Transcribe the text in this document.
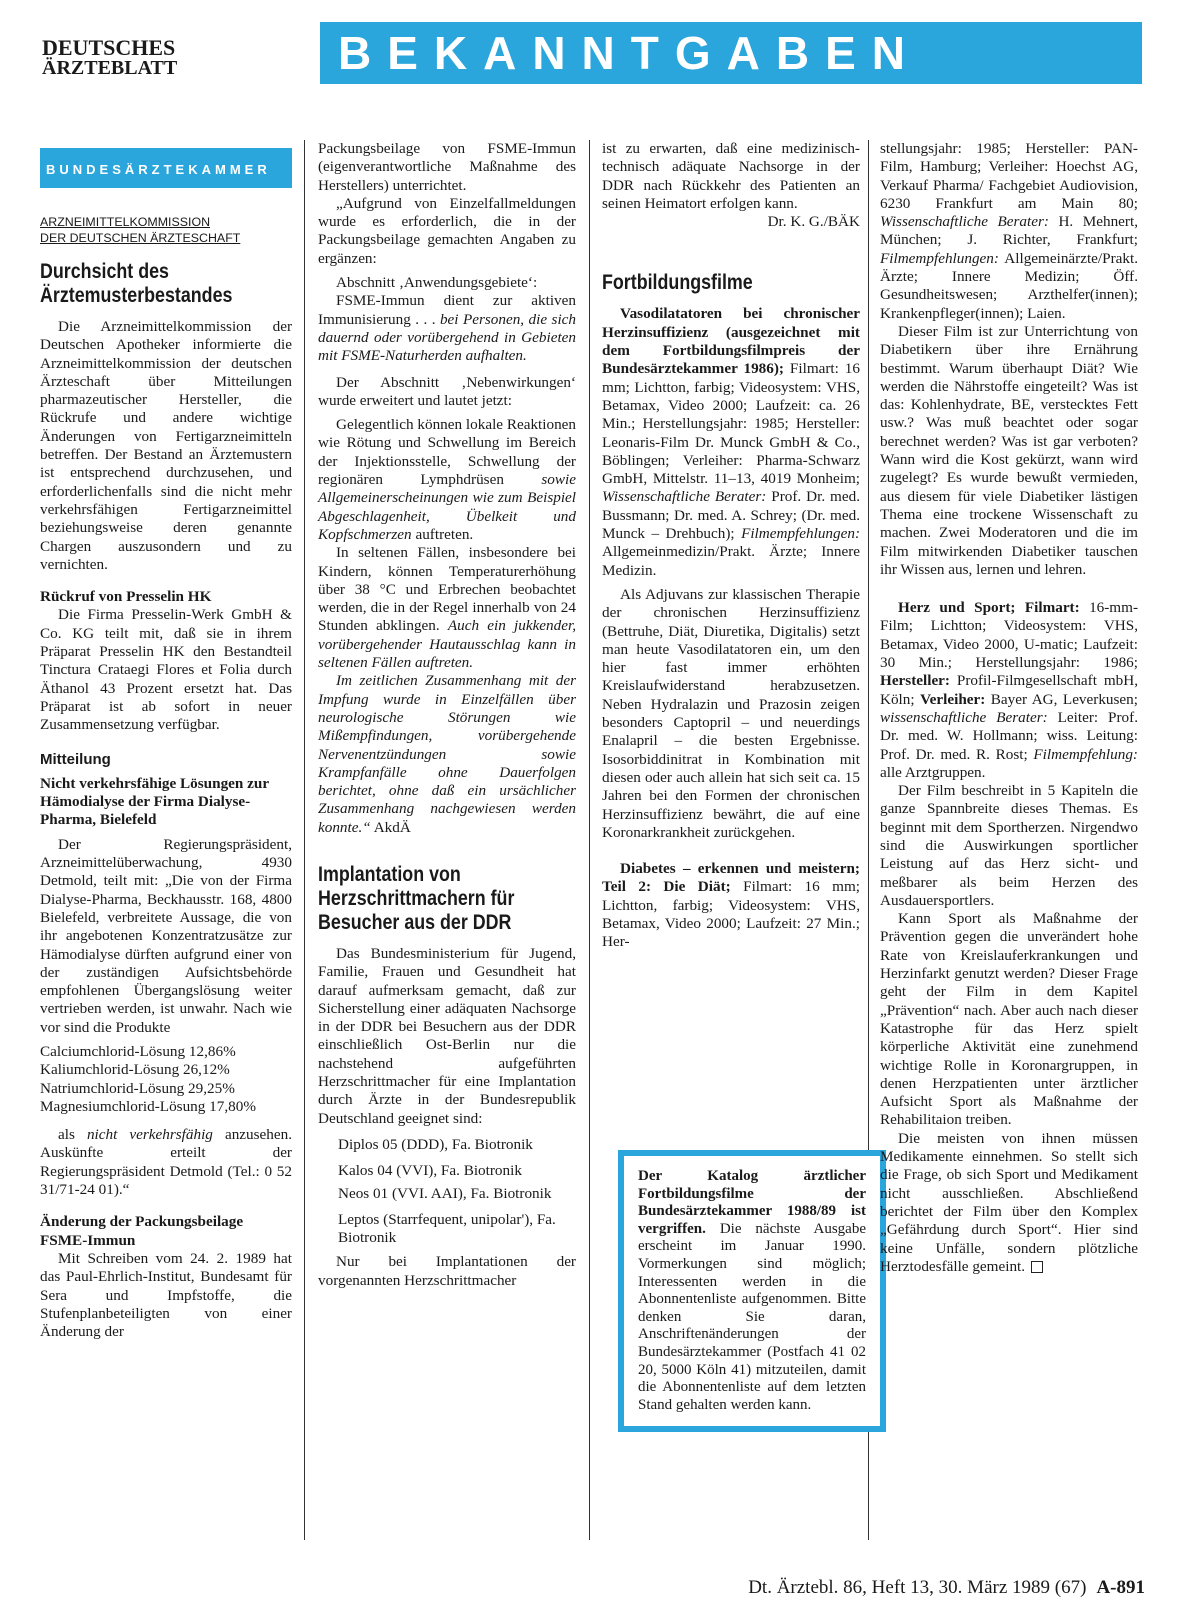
DEUTSCHES
ÄRZTEBLATT	BEKANNTGABEN
BUNDESÄRZTEKAMMER
ARZNEIMITTELKOMMISSION
DER DEUTSCHEN ÄRZTESCHAFT
Durchsicht des Ärztemusterbestandes

Die Arzneimittelkommission der Deutschen Apotheker informierte die Arzneimittelkommission der deutschen Ärzteschaft über Mitteilungen pharmazeutischer Hersteller, die Rückrufe und andere wichtige Änderungen von Fertigarzneimitteln betreffen. Der Bestand an Ärztemustern ist entsprechend durchzusehen, und erforderlichenfalls sind die nicht mehr verkehrsfähigen Fertigarzneimittel beziehungsweise deren genannte Chargen auszusondern und zu vernichten.

Rückruf von Presselin HK

Die Firma Presselin-Werk GmbH & Co. KG teilt mit, daß sie in ihrem Präparat Presselin HK den Bestandteil Tinctura Crataegi Flores et Folia durch Äthanol 43 Prozent ersetzt hat. Das Präparat ist ab sofort in neuer Zusammensetzung verfügbar.

Mitteilung
Nicht verkehrsfähige Lösungen zur Hämodialyse der Firma Dialyse-Pharma, Bielefeld

Der Regierungspräsident, Arzneimittelüberwachung, 4930 Detmold, teilt mit: „Die von der Firma Dialyse-Pharma, Beckhausstr. 168, 4800 Bielefeld, verbreitete Aussage, die von ihr angebotenen Konzentratzusätze zur Hämodialyse dürften aufgrund einer von der zuständigen Aufsichtsbehörde empfohlenen Übergangslösung weiter vertrieben werden, ist unwahr. Nach wie vor sind die Produkte

Calciumchlorid-Lösung 12,86%
Kaliumchlorid-Lösung 26,12%
Natriumchlorid-Lösung 29,25%
Magnesiumchlorid-Lösung 17,80%

als nicht verkehrsfähig anzusehen. Auskünfte erteilt der Regierungspräsident Detmold (Tel.: 0 52 31/71-24 01).“

Änderung der Packungsbeilage FSME-Immun

Mit Schreiben vom 24. 2. 1989 hat das Paul-Ehrlich-Institut, Bundesamt für Sera und Impfstoffe, die Stufenplanbeteiligten von einer Änderung der

Packungsbeilage von FSME-Immun (eigenverantwortliche Maßnahme des Herstellers) unterrichtet.

„Aufgrund von Einzelfallmeldungen wurde es erforderlich, die in der Packungsbeilage gemachten Angaben zu ergänzen:

Abschnitt ‚Anwendungsgebiete‘:

FSME-Immun dient zur aktiven Immunisierung . . . bei Personen, die sich dauernd oder vorübergehend in Gebieten mit FSME-Naturherden aufhalten.

Der Abschnitt ‚Nebenwirkungen‘ wurde erweitert und lautet jetzt:

Gelegentlich können lokale Reaktionen wie Rötung und Schwellung im Bereich der Injektionsstelle, Schwellung der regionären Lymphdrüsen sowie Allgemeinerscheinungen wie zum Beispiel Abgeschlagenheit, Übelkeit und Kopfschmerzen auftreten.

In seltenen Fällen, insbesondere bei Kindern, können Temperaturerhöhung über 38 °C und Erbrechen beobachtet werden, die in der Regel innerhalb von 24 Stunden abklingen. Auch ein jukkender, vorübergehender Hautausschlag kann in seltenen Fällen auftreten.

Im zeitlichen Zusammenhang mit der Impfung wurde in Einzelfällen über neurologische Störungen wie Mißempfindungen, vorübergehende Nervenentzündungen sowie Krampfanfälle ohne Dauerfolgen berichtet, ohne daß ein ursächlicher Zusammenhang nachgewiesen werden konnte.“ AkdÄ

Implantation von Herzschrittmachern für Besucher aus der DDR

Das Bundesministerium für Jugend, Familie, Frauen und Gesundheit hat darauf aufmerksam gemacht, daß zur Sicherstellung einer adäquaten Nachsorge in der DDR bei Besuchern aus der DDR einschließlich Ost-Berlin nur die nachstehend aufgeführten Herzschrittmacher für eine Implantation durch Ärzte in der Bundesrepublik Deutschland geeignet sind:

Diplos 05 (DDD), Fa. Biotronik

Kalos 04 (VVI), Fa. Biotronik

Neos 01 (VVI. AAI), Fa. Biotronik

Leptos (Starrfequent, unipolar'), Fa. Biotronik

Nur bei Implantationen der vorgenannten Herzschrittmacher

ist zu erwarten, daß eine medizinisch-technisch adäquate Nachsorge in der DDR nach Rückkehr des Patienten an seinen Heimatort erfolgen kann.

Dr. K. G./BÄK
Fortbildungsfilme

Vasodilatatoren bei chronischer Herzinsuffizienz (ausgezeichnet mit dem Fortbildungsfilmpreis der Bundesärztekammer 1986); Filmart: 16 mm; Lichtton, farbig; Videosystem: VHS, Betamax, Video 2000; Laufzeit: ca. 26 Min.; Herstellungsjahr: 1985; Hersteller: Leonaris-Film Dr. Munck GmbH & Co., Böblingen; Verleiher: Pharma-Schwarz GmbH, Mittelstr. 11–13, 4019 Monheim; Wissenschaftliche Berater: Prof. Dr. med. Bussmann; Dr. med. A. Schrey; (Dr. med. Munck – Drehbuch); Filmempfehlungen: Allgemeinmedizin/Prakt. Ärzte; Innere Medizin.

Als Adjuvans zur klassischen Therapie der chronischen Herzinsuffizienz (Bettruhe, Diät, Diuretika, Digitalis) setzt man heute Vasodilatatoren ein, um den hier fast immer erhöhten Kreislaufwiderstand herabzusetzen. Neben Hydralazin und Prazosin zeigen besonders Captopril – und neuerdings Enalapril – die besten Ergebnisse. Isosorbiddinitrat in Kombination mit diesen oder auch allein hat sich seit ca. 15 Jahren bei den Formen der chronischen Herzinsuffizienz bewährt, die auf eine Koronarkrankheit zurückgehen.

Diabetes – erkennen und meistern; Teil 2: Die Diät; Filmart: 16 mm; Lichtton, farbig; Videosystem: VHS, Betamax, Video 2000; Laufzeit: 27 Min.; Her-

Der Katalog ärztlicher Fortbildungsfilme der Bundesärztekammer 1988/89 ist vergriffen. Die nächste Ausgabe erscheint im Januar 1990. Vormerkungen sind möglich; Interessenten werden in die Abonnentenliste aufgenommen. Bitte denken Sie daran, Anschriftenänderungen der Bundesärztekammer (Postfach 41 02 20, 5000 Köln 41) mitzuteilen, damit die Abonnentenliste auf dem letzten Stand gehalten werden kann.

stellungsjahr: 1985; Hersteller: PAN-Film, Hamburg; Verleiher: Hoechst AG, Verkauf Pharma/ Fachgebiet Audiovision, 6230 Frankfurt am Main 80; Wissenschaftliche Berater: H. Mehnert, München; J. Richter, Frankfurt; Filmempfehlungen: Allgemeinärzte/Prakt. Ärzte; Innere Medizin; Öff. Gesundheitswesen; Arzthelfer(innen); Krankenpfleger(innen); Laien.

Dieser Film ist zur Unterrichtung von Diabetikern über ihre Ernährung bestimmt. Warum überhaupt Diät? Wie werden die Nährstoffe eingeteilt? Was ist das: Kohlenhydrate, BE, verstecktes Fett usw.? Was muß beachtet oder sogar berechnet werden? Was ist gar verboten? Wann wird die Kost gekürzt, wann wird zugelegt? Es wurde bewußt vermieden, aus diesem für viele Diabetiker lästigen Thema eine trockene Wissenschaft zu machen. Zwei Moderatoren und die im Film mitwirkenden Diabetiker tauschen ihr Wissen aus, lernen und lehren.

Herz und Sport; Filmart: 16-mm-Film; Lichtton; Videosystem: VHS, Betamax, Video 2000, U-matic; Laufzeit: 30 Min.; Herstellungsjahr: 1986; Hersteller: Profil-Filmgesellschaft mbH, Köln; Verleiher: Bayer AG, Leverkusen; wissenschaftliche Berater: Leiter: Prof. Dr. med. W. Hollmann; wiss. Leitung: Prof. Dr. med. R. Rost; Filmempfehlung: alle Arztgruppen.

Der Film beschreibt in 5 Kapiteln die ganze Spannbreite dieses Themas. Es beginnt mit dem Sportherzen. Nirgendwo sind die Auswirkungen sportlicher Leistung auf das Herz sicht- und meßbarer als beim Herzen des Ausdauersportlers.

Kann Sport als Maßnahme der Prävention gegen die unverändert hohe Rate von Kreislauferkrankungen und Herzinfarkt genutzt werden? Dieser Frage geht der Film in dem Kapitel „Prävention“ nach. Aber auch nach dieser Katastrophe für das Herz spielt körperliche Aktivität eine zunehmend wichtige Rolle in Koronargruppen, in denen Herzpatienten unter ärztlicher Aufsicht Sport als Maßnahme der Rehabilitaion treiben.

Die meisten von ihnen müssen Medikamente einnehmen. So stellt sich die Frage, ob sich Sport und Medikament nicht ausschließen. Abschließend berichtet der Film über den Komplex „Gefährdung durch Sport“. Hier sind keine Unfälle, sondern plötzliche Herztodesfälle gemeint.

Dt. Ärztebl. 86, Heft 13, 30. März 1989 (67) A-891
